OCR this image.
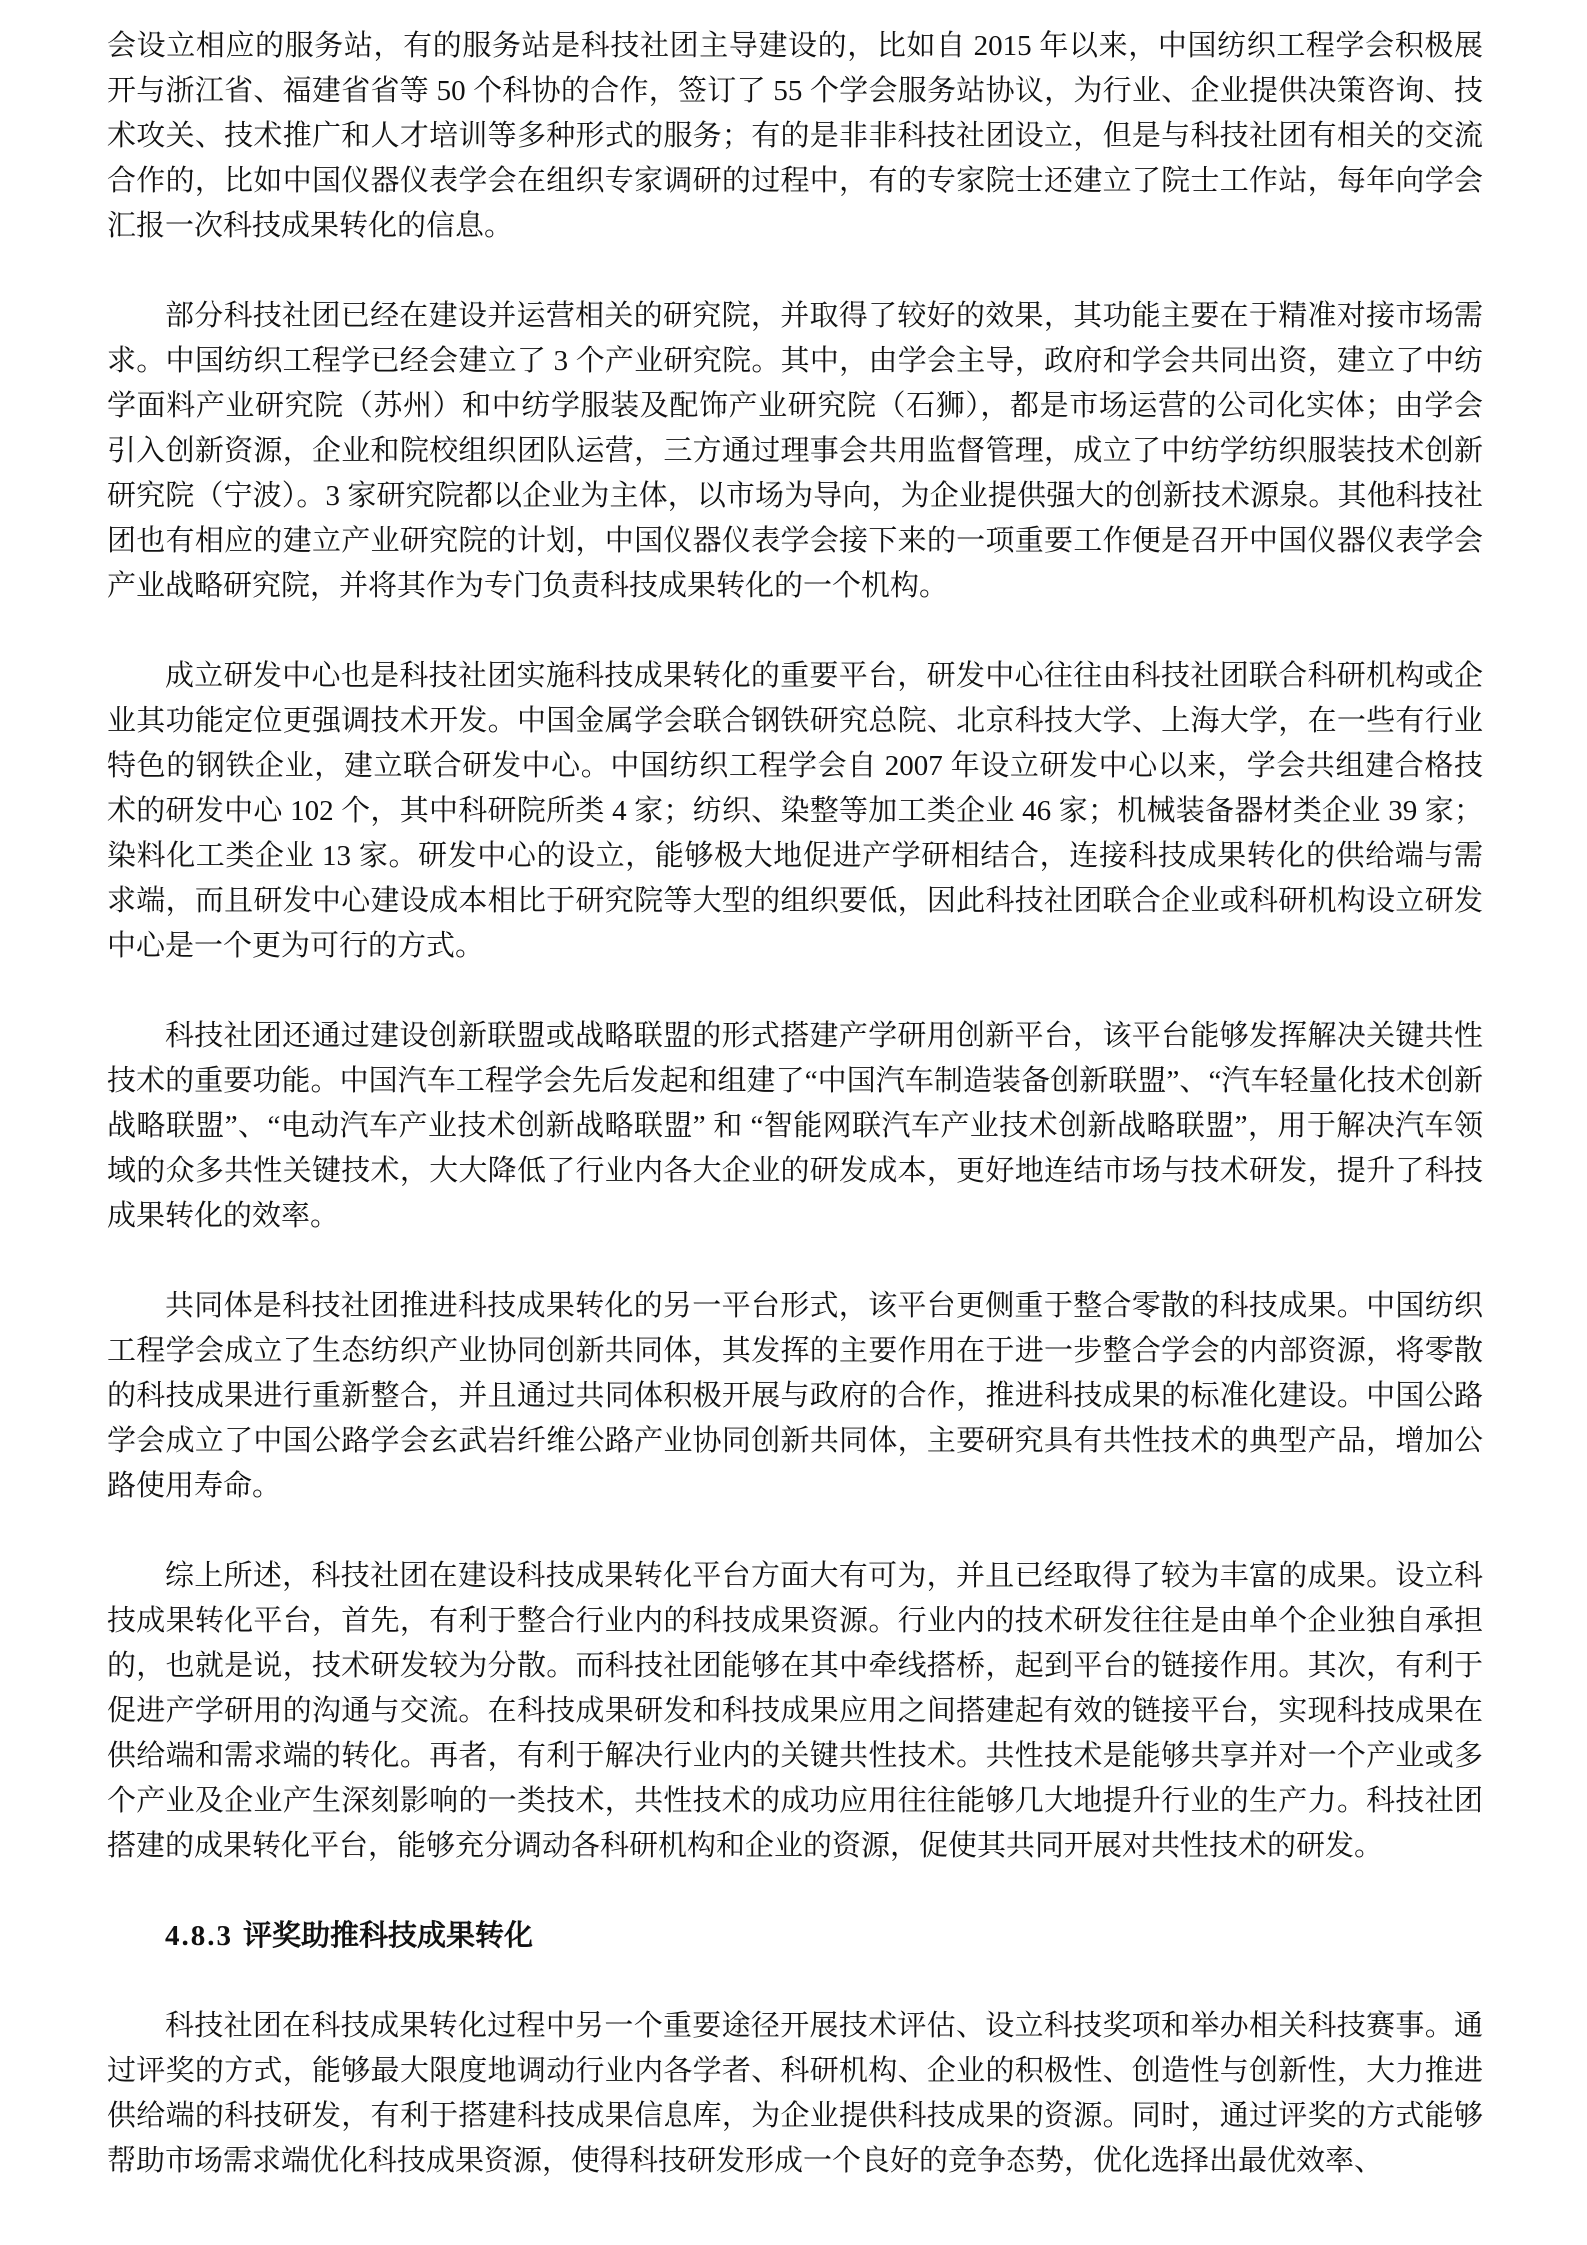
会设立相应的服务站，有的服务站是科技社团主导建设的，比如自 2015 年以来，中国纺织工程学会积极展开与浙江省、福建省省等 50 个科协的合作，签订了 55 个学会服务站协议，为行业、企业提供决策咨询、技术攻关、技术推广和人才培训等多种形式的服务；有的是非非科技社团设立，但是与科技社团有相关的交流合作的，比如中国仪器仪表学会在组织专家调研的过程中，有的专家院士还建立了院士工作站，每年向学会汇报一次科技成果转化的信息。

部分科技社团已经在建设并运营相关的研究院，并取得了较好的效果，其功能主要在于精准对接市场需求。中国纺织工程学已经会建立了 3 个产业研究院。其中，由学会主导，政府和学会共同出资，建立了中纺学面料产业研究院（苏州）和中纺学服装及配饰产业研究院（石狮），都是市场运营的公司化实体；由学会引入创新资源，企业和院校组织团队运营，三方通过理事会共用监督管理，成立了中纺学纺织服装技术创新研究院（宁波）。3 家研究院都以企业为主体，以市场为导向，为企业提供强大的创新技术源泉。其他科技社团也有相应的建立产业研究院的计划，中国仪器仪表学会接下来的一项重要工作便是召开中国仪器仪表学会产业战略研究院，并将其作为专门负责科技成果转化的一个机构。

成立研发中心也是科技社团实施科技成果转化的重要平台，研发中心往往由科技社团联合科研机构或企业其功能定位更强调技术开发。中国金属学会联合钢铁研究总院、北京科技大学、上海大学，在一些有行业特色的钢铁企业，建立联合研发中心。中国纺织工程学会自 2007 年设立研发中心以来，学会共组建合格技术的研发中心 102 个，其中科研院所类 4 家；纺织、染整等加工类企业 46 家；机械装备器材类企业 39 家；染料化工类企业 13 家。研发中心的设立，能够极大地促进产学研相结合，连接科技成果转化的供给端与需求端，而且研发中心建设成本相比于研究院等大型的组织要低，因此科技社团联合企业或科研机构设立研发中心是一个更为可行的方式。

科技社团还通过建设创新联盟或战略联盟的形式搭建产学研用创新平台，该平台能够发挥解决关键共性技术的重要功能。中国汽车工程学会先后发起和组建了“中国汽车制造装备创新联盟”、“汽车轻量化技术创新战略联盟”、“电动汽车产业技术创新战略联盟” 和 “智能网联汽车产业技术创新战略联盟”，用于解决汽车领域的众多共性关键技术，大大降低了行业内各大企业的研发成本，更好地连结市场与技术研发，提升了科技成果转化的效率。

共同体是科技社团推进科技成果转化的另一平台形式，该平台更侧重于整合零散的科技成果。中国纺织工程学会成立了生态纺织产业协同创新共同体，其发挥的主要作用在于进一步整合学会的内部资源，将零散的科技成果进行重新整合，并且通过共同体积极开展与政府的合作，推进科技成果的标准化建设。中国公路学会成立了中国公路学会玄武岩纤维公路产业协同创新共同体，主要研究具有共性技术的典型产品，增加公路使用寿命。

综上所述，科技社团在建设科技成果转化平台方面大有可为，并且已经取得了较为丰富的成果。设立科技成果转化平台，首先，有利于整合行业内的科技成果资源。行业内的技术研发往往是由单个企业独自承担的，也就是说，技术研发较为分散。而科技社团能够在其中牵线搭桥，起到平台的链接作用。其次，有利于促进产学研用的沟通与交流。在科技成果研发和科技成果应用之间搭建起有效的链接平台，实现科技成果在供给端和需求端的转化。再者，有利于解决行业内的关键共性技术。共性技术是能够共享并对一个产业或多个产业及企业产生深刻影响的一类技术，共性技术的成功应用往往能够几大地提升行业的生产力。科技社团搭建的成果转化平台，能够充分调动各科研机构和企业的资源，促使其共同开展对共性技术的研发。

4.8.3 评奖助推科技成果转化

科技社团在科技成果转化过程中另一个重要途径开展技术评估、设立科技奖项和举办相关科技赛事。通过评奖的方式，能够最大限度地调动行业内各学者、科研机构、企业的积极性、创造性与创新性，大力推进供给端的科技研发，有利于搭建科技成果信息库，为企业提供科技成果的资源。同时，通过评奖的方式能够帮助市场需求端优化科技成果资源，使得科技研发形成一个良好的竞争态势，优化选择出最优效率、
